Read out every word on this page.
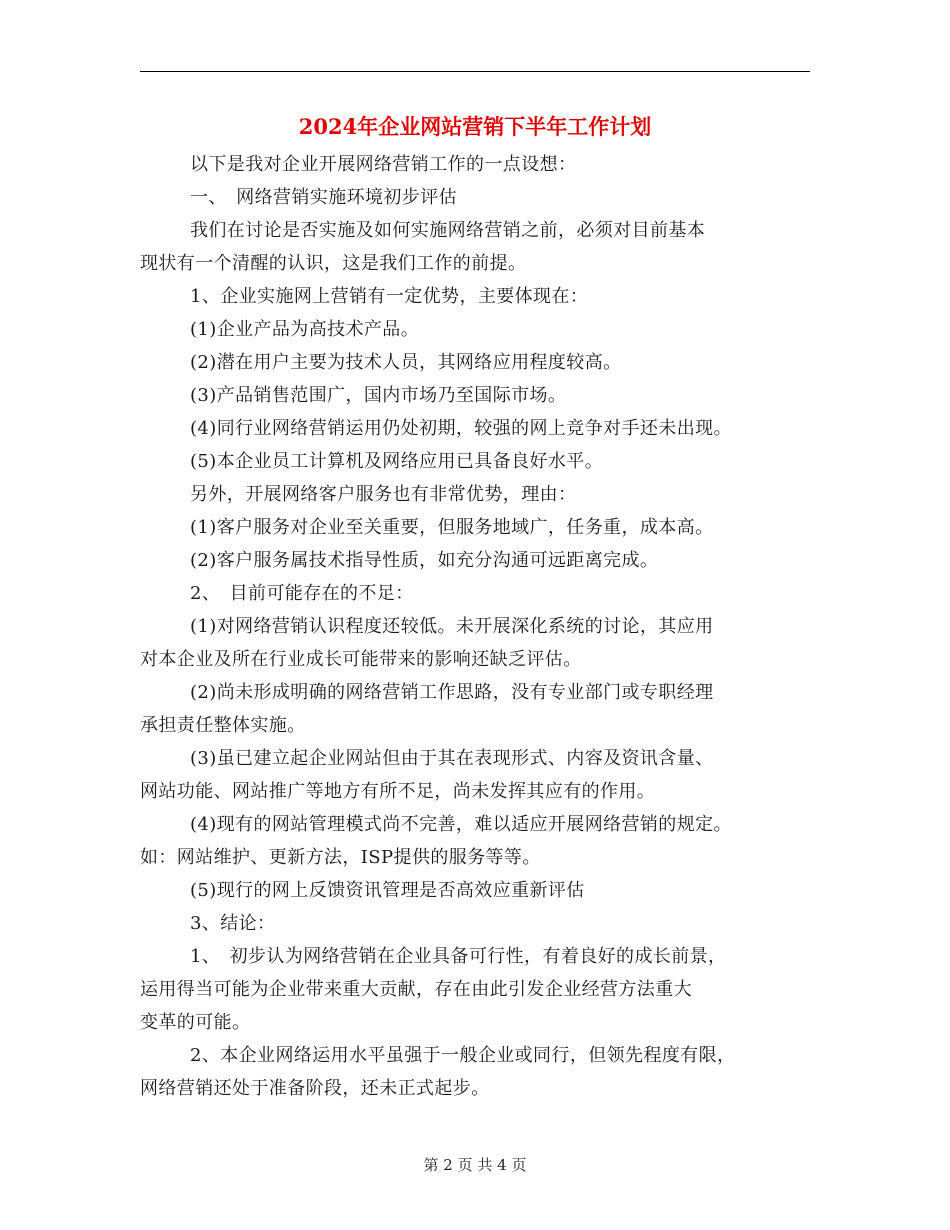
2024年企业网站营销下半年工作计划
以下是我对企业开展网络营销工作的一点设想：
一、　网络营销实施环境初步评估
我们在讨论是否实施及如何实施网络营销之前，必须对目前基本
现状有一个清醒的认识，这是我们工作的前提。
1、企业实施网上营销有一定优势，主要体现在：
(1)企业产品为高技术产品。
(2)潜在用户主要为技术人员，其网络应用程度较高。
(3)产品销售范围广，国内市场乃至国际市场。
(4)同行业网络营销运用仍处初期，较强的网上竞争对手还未出现。
(5)本企业员工计算机及网络应用已具备良好水平。
另外，开展网络客户服务也有非常优势，理由：
(1)客户服务对企业至关重要，但服务地域广，任务重，成本高。
(2)客户服务属技术指导性质，如充分沟通可远距离完成。
2、　目前可能存在的不足：
(1)对网络营销认识程度还较低。未开展深化系统的讨论，其应用
对本企业及所在行业成长可能带来的影响还缺乏评估。
(2)尚未形成明确的网络营销工作思路，没有专业部门或专职经理
承担责任整体实施。
(3)虽已建立起企业网站但由于其在表现形式、内容及资讯含量、
网站功能、网站推广等地方有所不足，尚未发挥其应有的作用。
(4)现有的网站管理模式尚不完善，难以适应开展网络营销的规定。
如：网站维护、更新方法，ISP提供的服务等等。
(5)现行的网上反馈资讯管理是否高效应重新评估
3、结论：
1、　初步认为网络营销在企业具备可行性，有着良好的成长前景，
运用得当可能为企业带来重大贡献，存在由此引发企业经营方法重大
变革的可能。
2、本企业网络运用水平虽强于一般企业或同行，但领先程度有限，
网络营销还处于准备阶段，还未正式起步。
第 2 页 共 4 页
